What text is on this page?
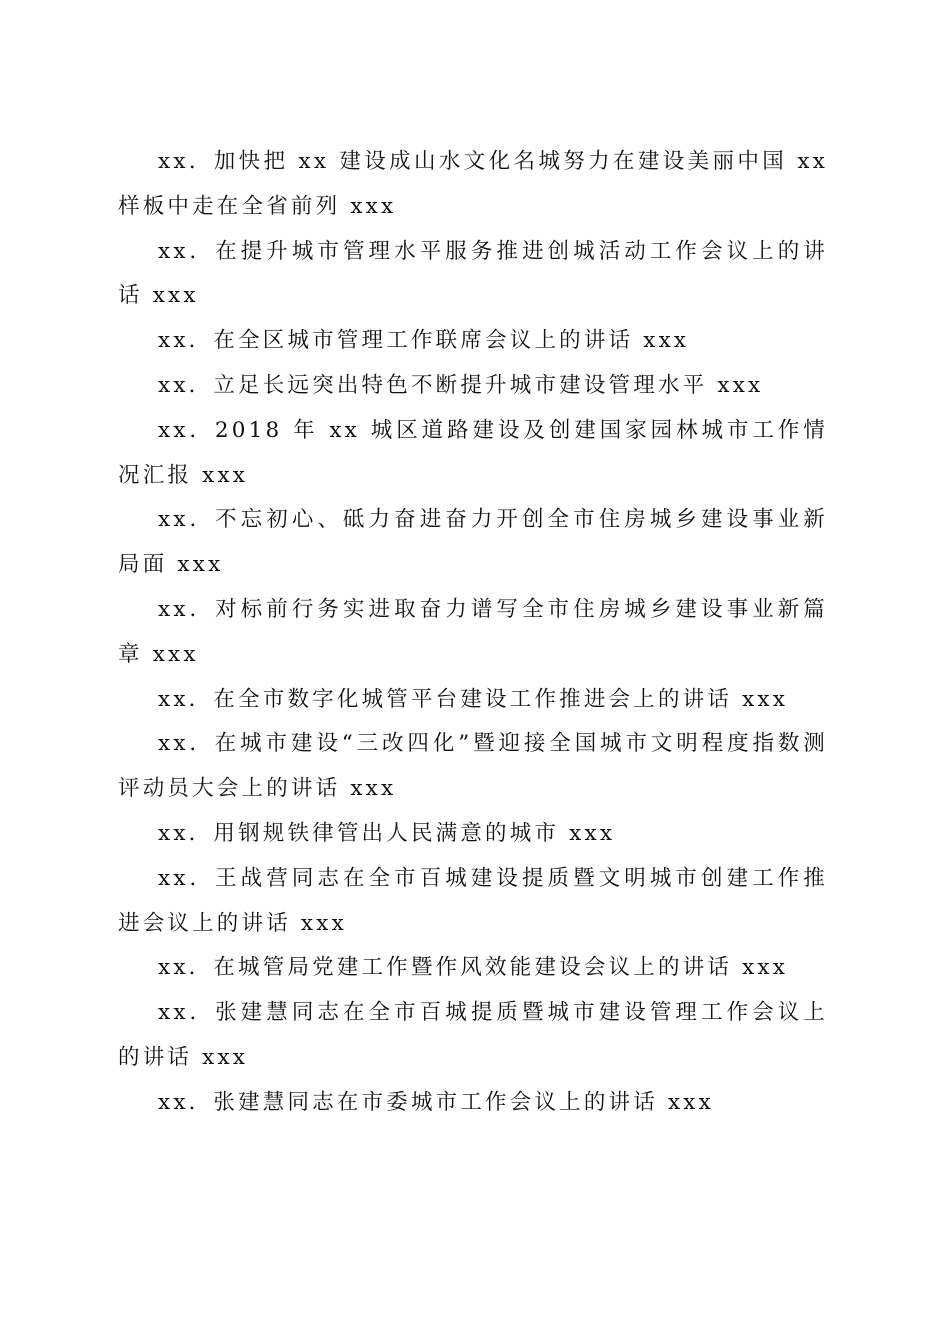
xx．加快把 xx 建设成山水文化名城努力在建设美丽中国 xx 样板中走在全省前列 xxx
xx．在提升城市管理水平服务推进创城活动工作会议上的讲话 xxx
xx．在全区城市管理工作联席会议上的讲话 xxx
xx．立足长远突出特色不断提升城市建设管理水平 xxx
xx．2018 年 xx 城区道路建设及创建国家园林城市工作情况汇报 xxx
xx．不忘初心、砥力奋进奋力开创全市住房城乡建设事业新局面 xxx
xx．对标前行务实进取奋力谱写全市住房城乡建设事业新篇章 xxx
xx．在全市数字化城管平台建设工作推进会上的讲话 xxx
xx．在城市建设“三改四化”暨迎接全国城市文明程度指数测评动员大会上的讲话 xxx
xx．用钢规铁律管出人民满意的城市 xxx
xx．王战营同志在全市百城建设提质暨文明城市创建工作推进会议上的讲话 xxx
xx．在城管局党建工作暨作风效能建设会议上的讲话 xxx
xx．张建慧同志在全市百城提质暨城市建设管理工作会议上的讲话 xxx
xx．张建慧同志在市委城市工作会议上的讲话 xxx
